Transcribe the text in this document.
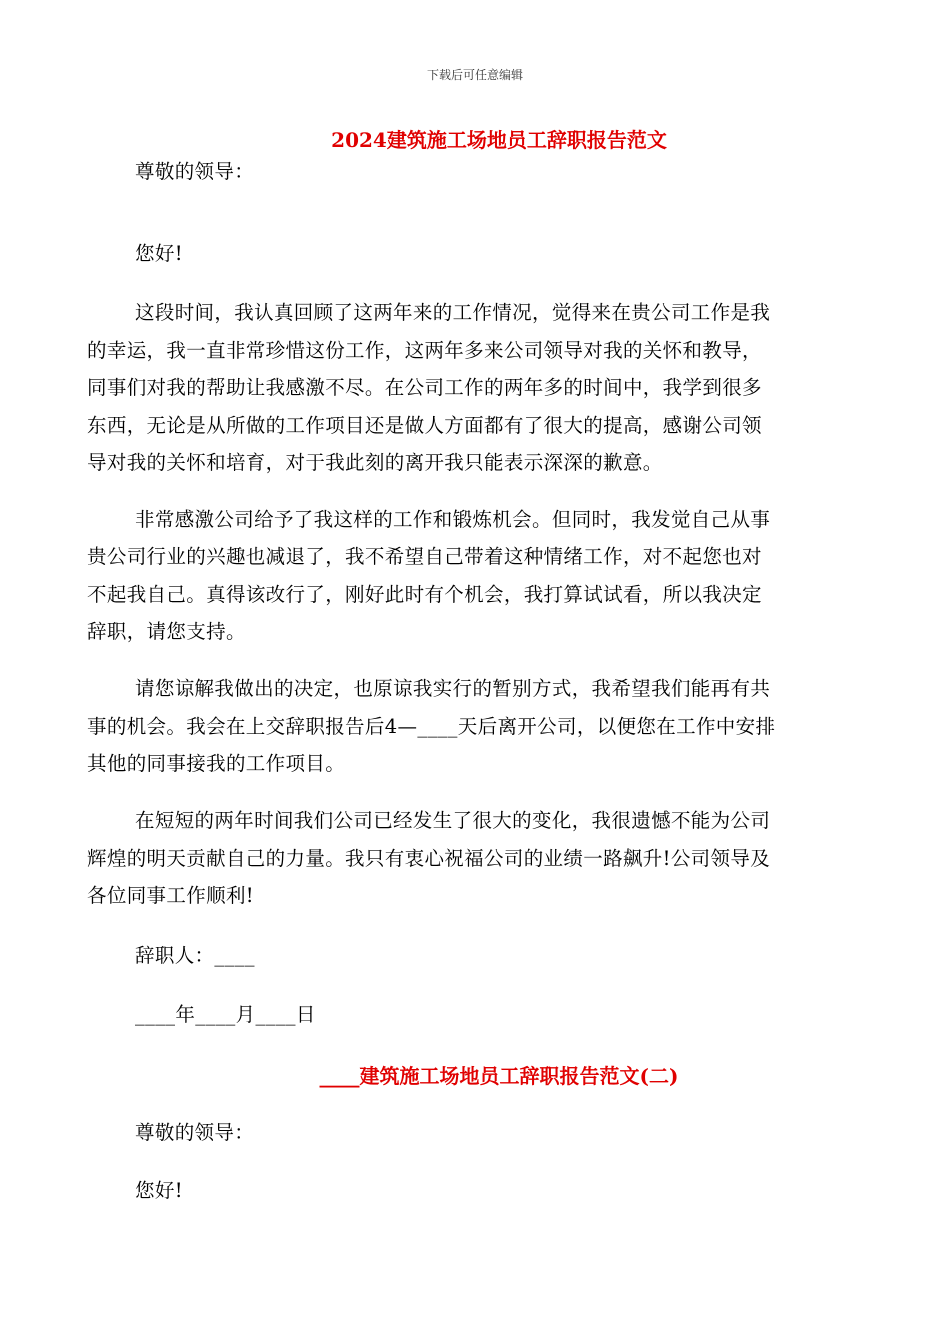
下载后可任意编辑
2024建筑施工场地员工辞职报告范文
尊敬的领导：
您好!
这段时间，我认真回顾了这两年来的工作情况，觉得来在贵公司工作是我
的幸运，我一直非常珍惜这份工作，这两年多来公司领导对我的关怀和教导，
同事们对我的帮助让我感激不尽。在公司工作的两年多的时间中，我学到很多
东西，无论是从所做的工作项目还是做人方面都有了很大的提高，感谢公司领
导对我的关怀和培育，对于我此刻的离开我只能表示深深的歉意。
非常感激公司给予了我这样的工作和锻炼机会。但同时，我发觉自己从事
贵公司行业的兴趣也减退了，我不希望自己带着这种情绪工作，对不起您也对
不起我自己。真得该改行了，刚好此时有个机会，我打算试试看，所以我决定
辞职，请您支持。
请您谅解我做出的决定，也原谅我实行的暂别方式，我希望我们能再有共
事的机会。我会在上交辞职报告后4—____天后离开公司，以便您在工作中安排
其他的同事接我的工作项目。
在短短的两年时间我们公司已经发生了很大的变化，我很遗憾不能为公司
辉煌的明天贡献自己的力量。我只有衷心祝福公司的业绩一路飙升!公司领导及
各位同事工作顺利!
辞职人：____
____年____月____日
____建筑施工场地员工辞职报告范文(二)
尊敬的领导：
您好!
